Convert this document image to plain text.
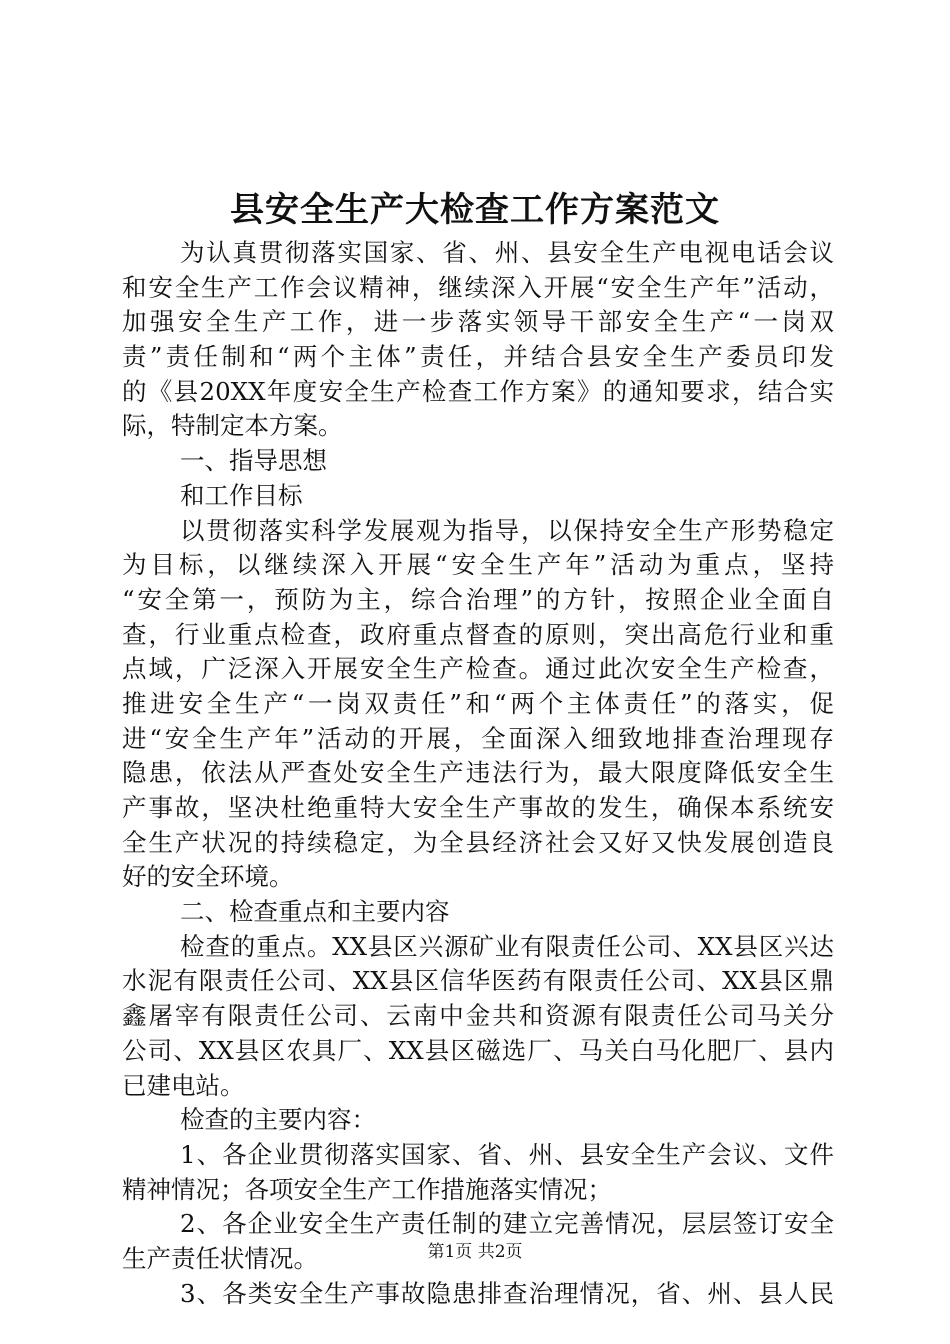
县安全生产大检查工作方案范文
为认真贯彻落实国家、省、州、县安全生产电视电话会议
和安全生产工作会议精神，继续深入开展“安全生产年”活动，
加强安全生产工作，进一步落实领导干部安全生产“一岗双
责”责任制和“两个主体”责任，并结合县安全生产委员印发
的《县20XX年度安全生产检查工作方案》的通知要求，结合实
际，特制定本方案。
一、指导思想
和工作目标
以贯彻落实科学发展观为指导，以保持安全生产形势稳定
为目标，以继续深入开展“安全生产年”活动为重点，坚持
“安全第一，预防为主，综合治理”的方针，按照企业全面自
查，行业重点检查，政府重点督查的原则，突出高危行业和重
点域，广泛深入开展安全生产检查。通过此次安全生产检查，
推进安全生产“一岗双责任”和“两个主体责任”的落实，促
进“安全生产年”活动的开展，全面深入细致地排查治理现存
隐患，依法从严查处安全生产违法行为，最大限度降低安全生
产事故，坚决杜绝重特大安全生产事故的发生，确保本系统安
全生产状况的持续稳定，为全县经济社会又好又快发展创造良
好的安全环境。
二、检查重点和主要内容
检查的重点。XX县区兴源矿业有限责任公司、XX县区兴达
水泥有限责任公司、XX县区信华医药有限责任公司、XX县区鼎
鑫屠宰有限责任公司、云南中金共和资源有限责任公司马关分
公司、XX县区农具厂、XX县区磁选厂、马关白马化肥厂、县内
已建电站。
检查的主要内容：
1、各企业贯彻落实国家、省、州、县安全生产会议、文件
精神情况；各项安全生产工作措施落实情况；
2、各企业安全生产责任制的建立完善情况，层层签订安全
生产责任状情况。
3、各类安全生产事故隐患排查治理情况，省、州、县人民
第1页 共2页
